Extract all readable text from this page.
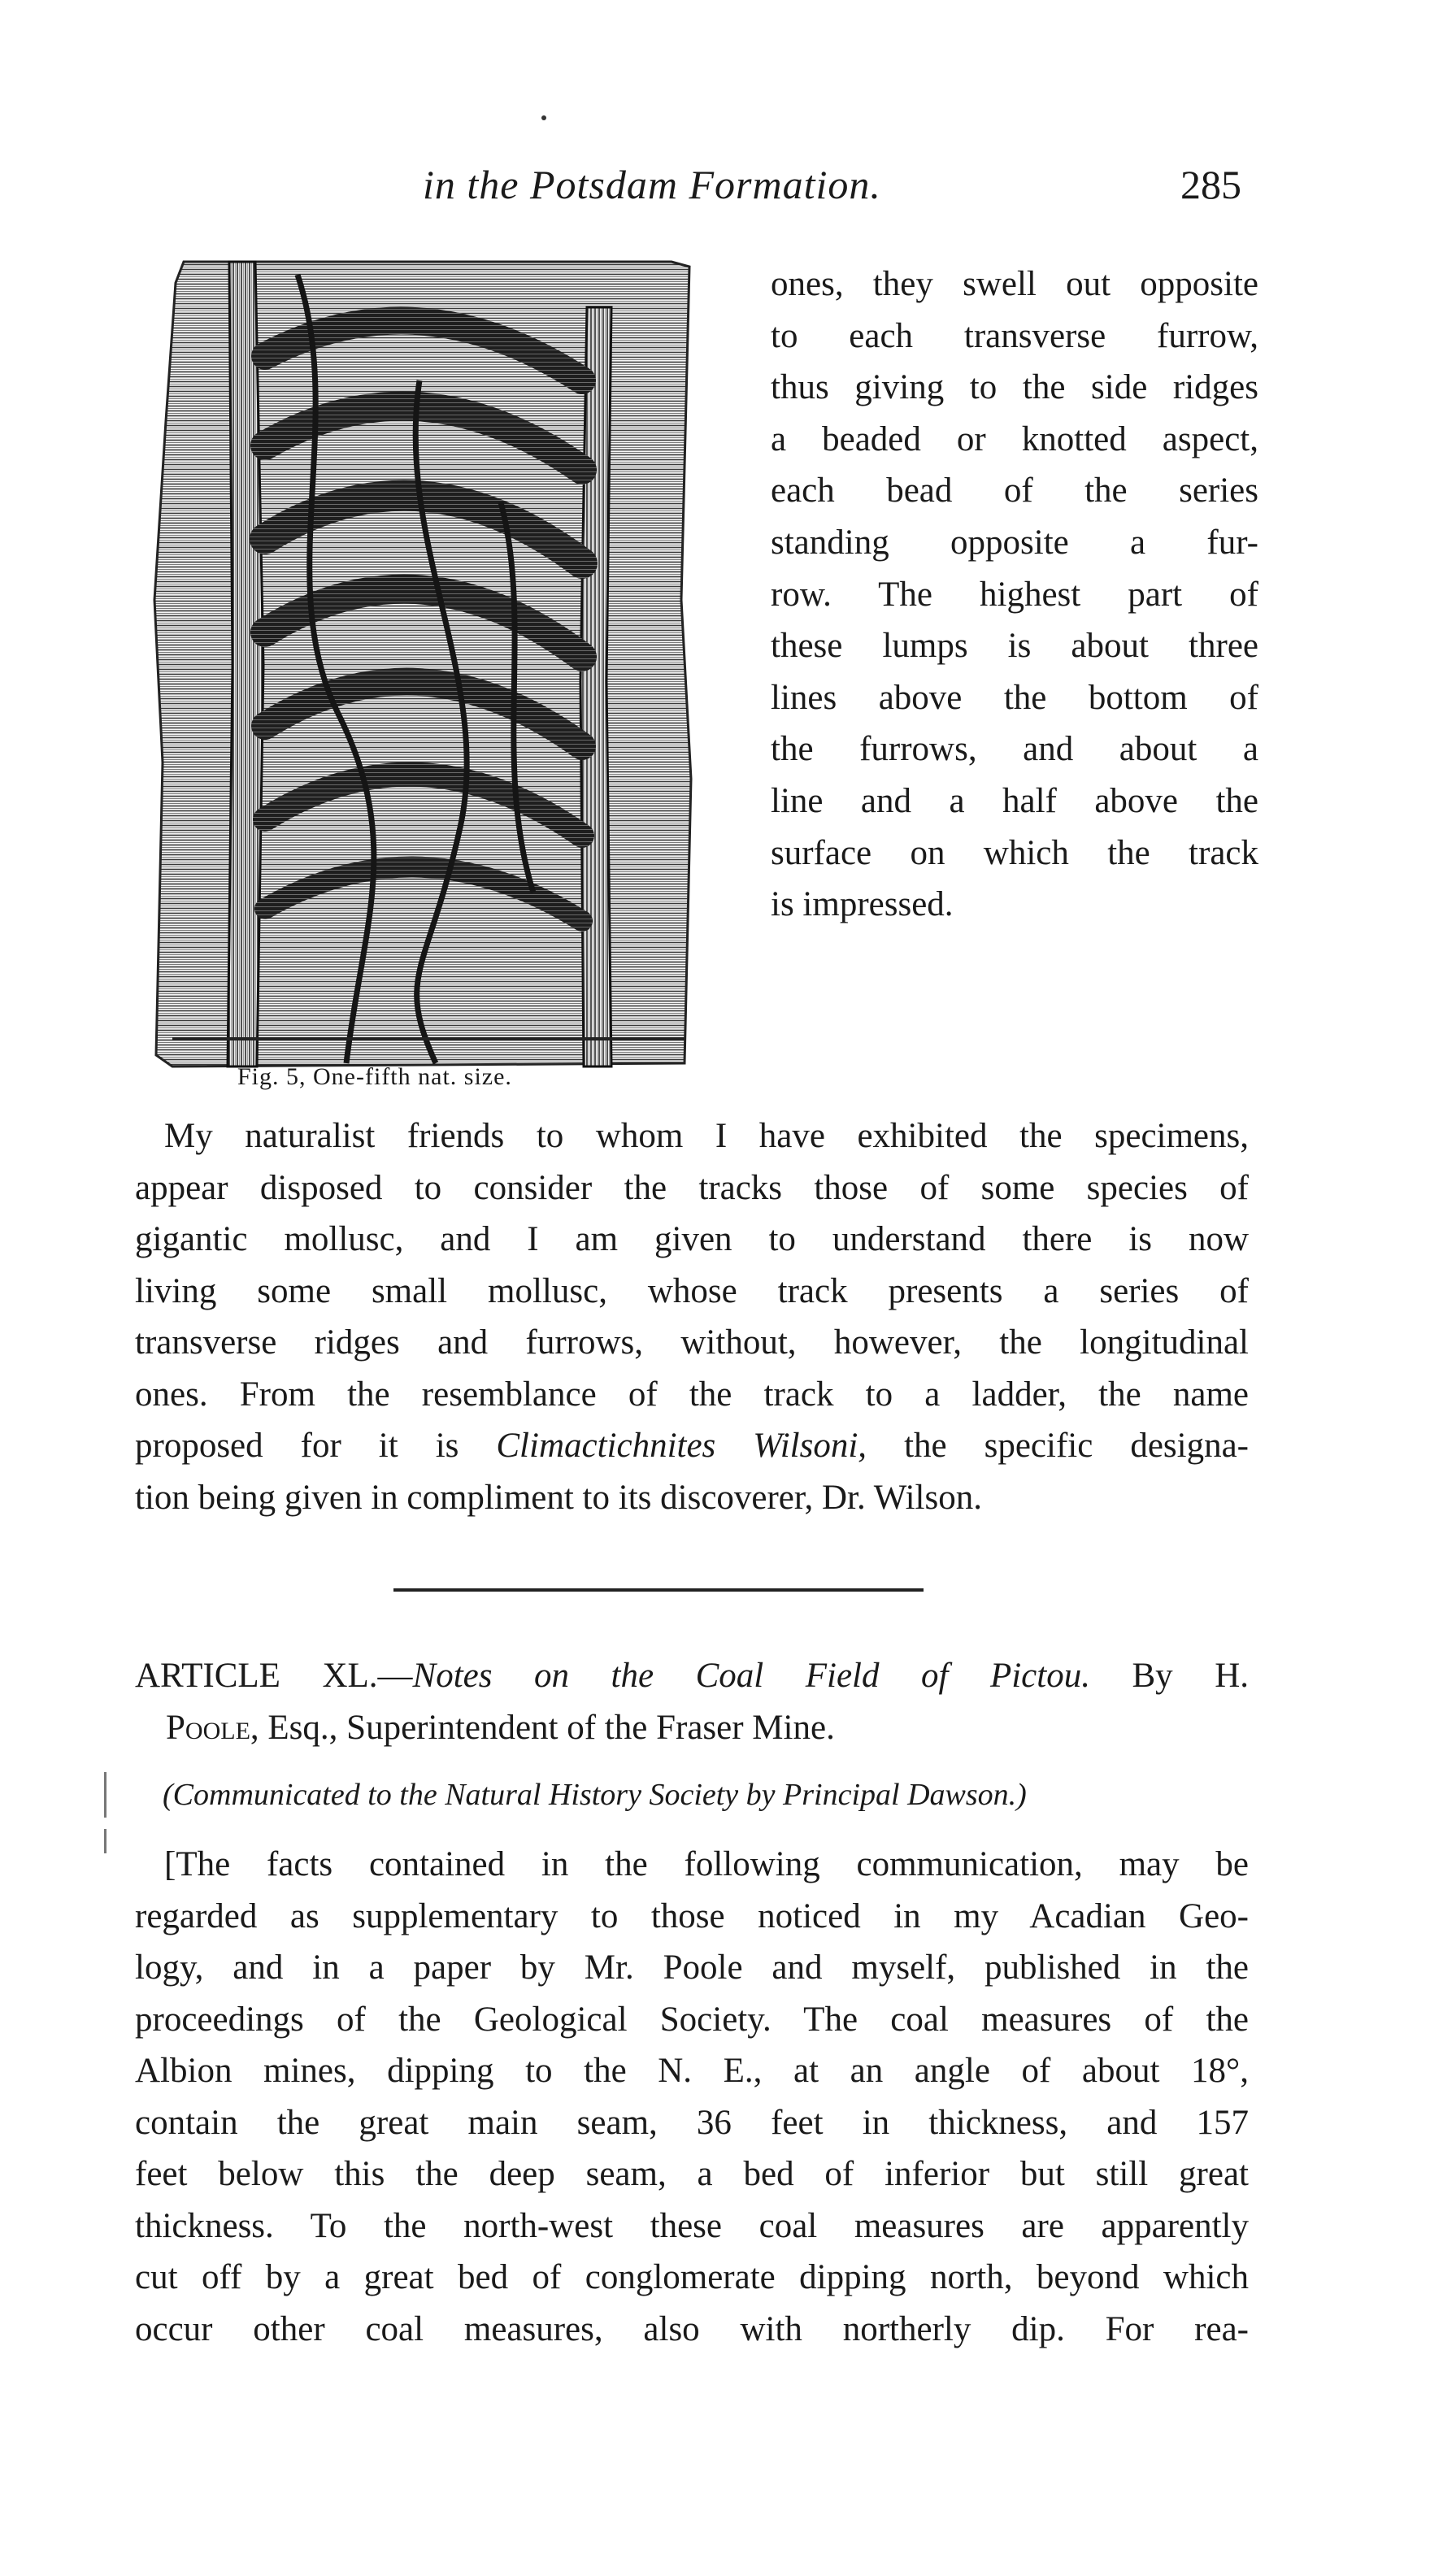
in the Potsdam Formation.	285
Fig. 5, One-fifth nat. size.
ones, they swell out opposite
to each transverse furrow,
thus giving to the side ridges
a beaded or knotted aspect,
each bead of the series
standing opposite a fur-
row. The highest part of
these lumps is about three
lines above the bottom of
the furrows, and about a
line and a half above the
surface on which the track
is impressed.
My naturalist friends to whom I have exhibited the specimens,
appear disposed to consider the tracks those of some species of
gigantic mollusc, and I am given to understand there is now
living some small mollusc, whose track presents a series of
transverse ridges and furrows, without, however, the longitudinal
ones. From the resemblance of the track to a ladder, the name
proposed for it is Climactichnites Wilsoni, the specific designa-
tion being given in compliment to its discoverer, Dr. Wilson.
ARTICLE XL.—Notes on the Coal Field of Pictou. By H.
Poole, Esq., Superintendent of the Fraser Mine.
(Communicated to the Natural History Society by Principal Dawson.)
[The facts contained in the following communication, may be
regarded as supplementary to those noticed in my Acadian Geo-
logy, and in a paper by Mr. Poole and myself, published in the
proceedings of the Geological Society. The coal measures of the
Albion mines, dipping to the N. E., at an angle of about 18°,
contain the great main seam, 36 feet in thickness, and 157
feet below this the deep seam, a bed of inferior but still great
thickness. To the north-west these coal measures are apparently
cut off by a great bed of conglomerate dipping north, beyond which
occur other coal measures, also with northerly dip. For rea-
